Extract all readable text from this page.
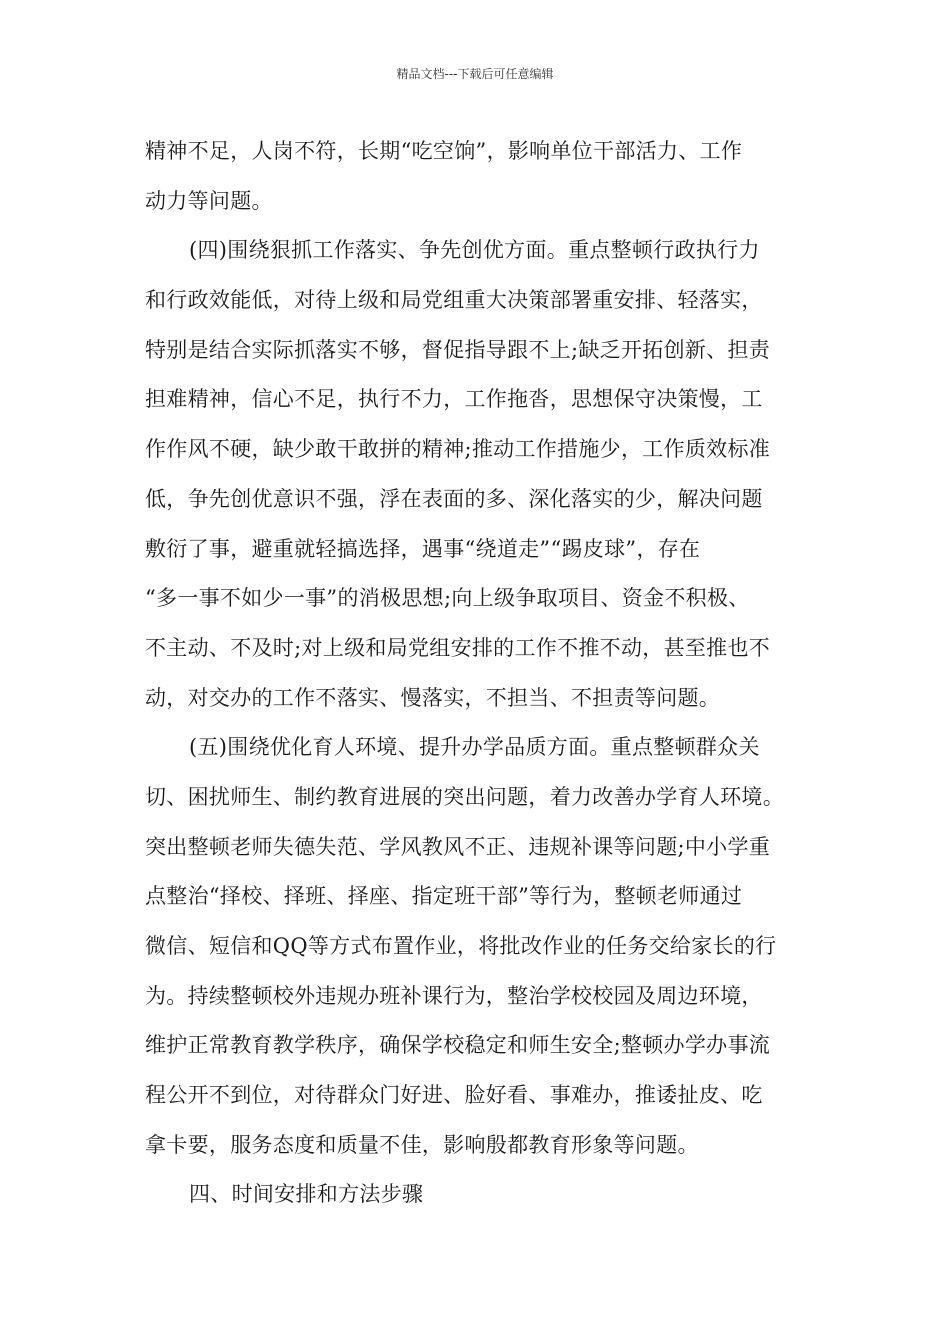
精品文档---下载后可任意编辑
精神不足，人岗不符，长期“吃空饷”，影响单位干部活力、工作
动力等问题。
(四)围绕狠抓工作落实、争先创优方面。重点整顿行政执行力
和行政效能低，对待上级和局党组重大决策部署重安排、轻落实，
特别是结合实际抓落实不够，督促指导跟不上;缺乏开拓创新、担责
担难精神，信心不足，执行不力，工作拖沓，思想保守决策慢，工
作作风不硬，缺少敢干敢拼的精神;推动工作措施少，工作质效标准
低，争先创优意识不强，浮在表面的多、深化落实的少，解决问题
敷衍了事，避重就轻搞选择，遇事“绕道走”“踢皮球”，存在
“多一事不如少一事”的消极思想;向上级争取项目、资金不积极、
不主动、不及时;对上级和局党组安排的工作不推不动，甚至推也不
动，对交办的工作不落实、慢落实，不担当、不担责等问题。
(五)围绕优化育人环境、提升办学品质方面。重点整顿群众关
切、困扰师生、制约教育进展的突出问题，着力改善办学育人环境。
突出整顿老师失德失范、学风教风不正、违规补课等问题;中小学重
点整治“择校、择班、择座、指定班干部”等行为，整顿老师通过
微信、短信和QQ等方式布置作业，将批改作业的任务交给家长的行
为。持续整顿校外违规办班补课行为，整治学校校园及周边环境，
维护正常教育教学秩序，确保学校稳定和师生安全;整顿办学办事流
程公开不到位，对待群众门好进、脸好看、事难办，推诿扯皮、吃
拿卡要，服务态度和质量不佳，影响殷都教育形象等问题。
四、时间安排和方法步骤
